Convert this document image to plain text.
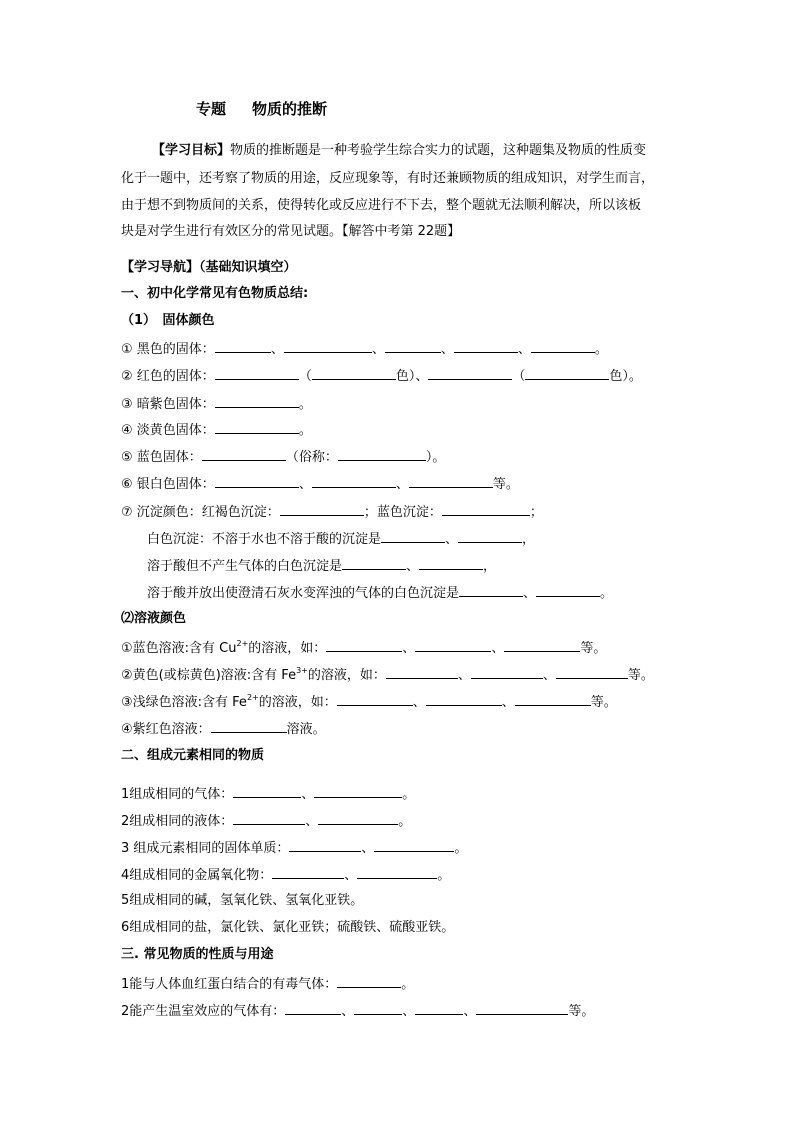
专题 物质的推断
【学习目标】物质的推断题是一种考验学生综合实力的试题，这种题集及物质的性质变
化于一题中，还考察了物质的用途，反应现象等，有时还兼顾物质的组成知识，对学生而言，
由于想不到物质间的关系，使得转化或反应进行不下去，整个题就无法顺利解决，所以该板
块是对学生进行有效区分的常见试题。【解答中考第 22题】
【学习导航】（基础知识填空）
一、初中化学常见有色物质总结:
（1）　固体颜色
① 黑色的固体：	、	、	、	、	。
② 红色的固体：	（	色）、	（	色）。
③ 暗紫色固体：	。
④ 淡黄色固体：	。
⑤ 蓝色固体：	（俗称：	）。
⑥ 银白色固体：	、	、	等。
⑦ 沉淀颜色：红褐色沉淀：	；蓝色沉淀：	；
白色沉淀：不溶于水也不溶于酸的沉淀是	、	，
溶于酸但不产生气体的白色沉淀是	、	，
溶于酸并放出使澄清石灰水变浑浊的气体的白色沉淀是	、	。
⑵溶液颜色
①蓝色溶液:含有 $Cu^{2+}$的溶液，如：	、	、	等。
②黄色(或棕黄色)溶液:含有 $Fe^{3+}$的溶液，如：	、	、	等。
③浅绿色溶液:含有 $Fe^{2+}$的溶液，如：	、	、	等。
④紫红色溶液：	溶液。
二、组成元素相同的物质
1组成相同的气体：	、	。
2组成相同的液体：	、	。
3 组成元素相同的固体单质：	、	。
4组成相同的金属氧化物：	、	。
5组成相同的碱，氢氧化铁、氢氧化亚铁。
6组成相同的盐，氯化铁、氯化亚铁；硫酸铁、硫酸亚铁。
三. 常见物质的性质与用途
1能与人体血红蛋白结合的有毒气体：	。
2能产生温室效应的气体有：	、	、	、	等。
